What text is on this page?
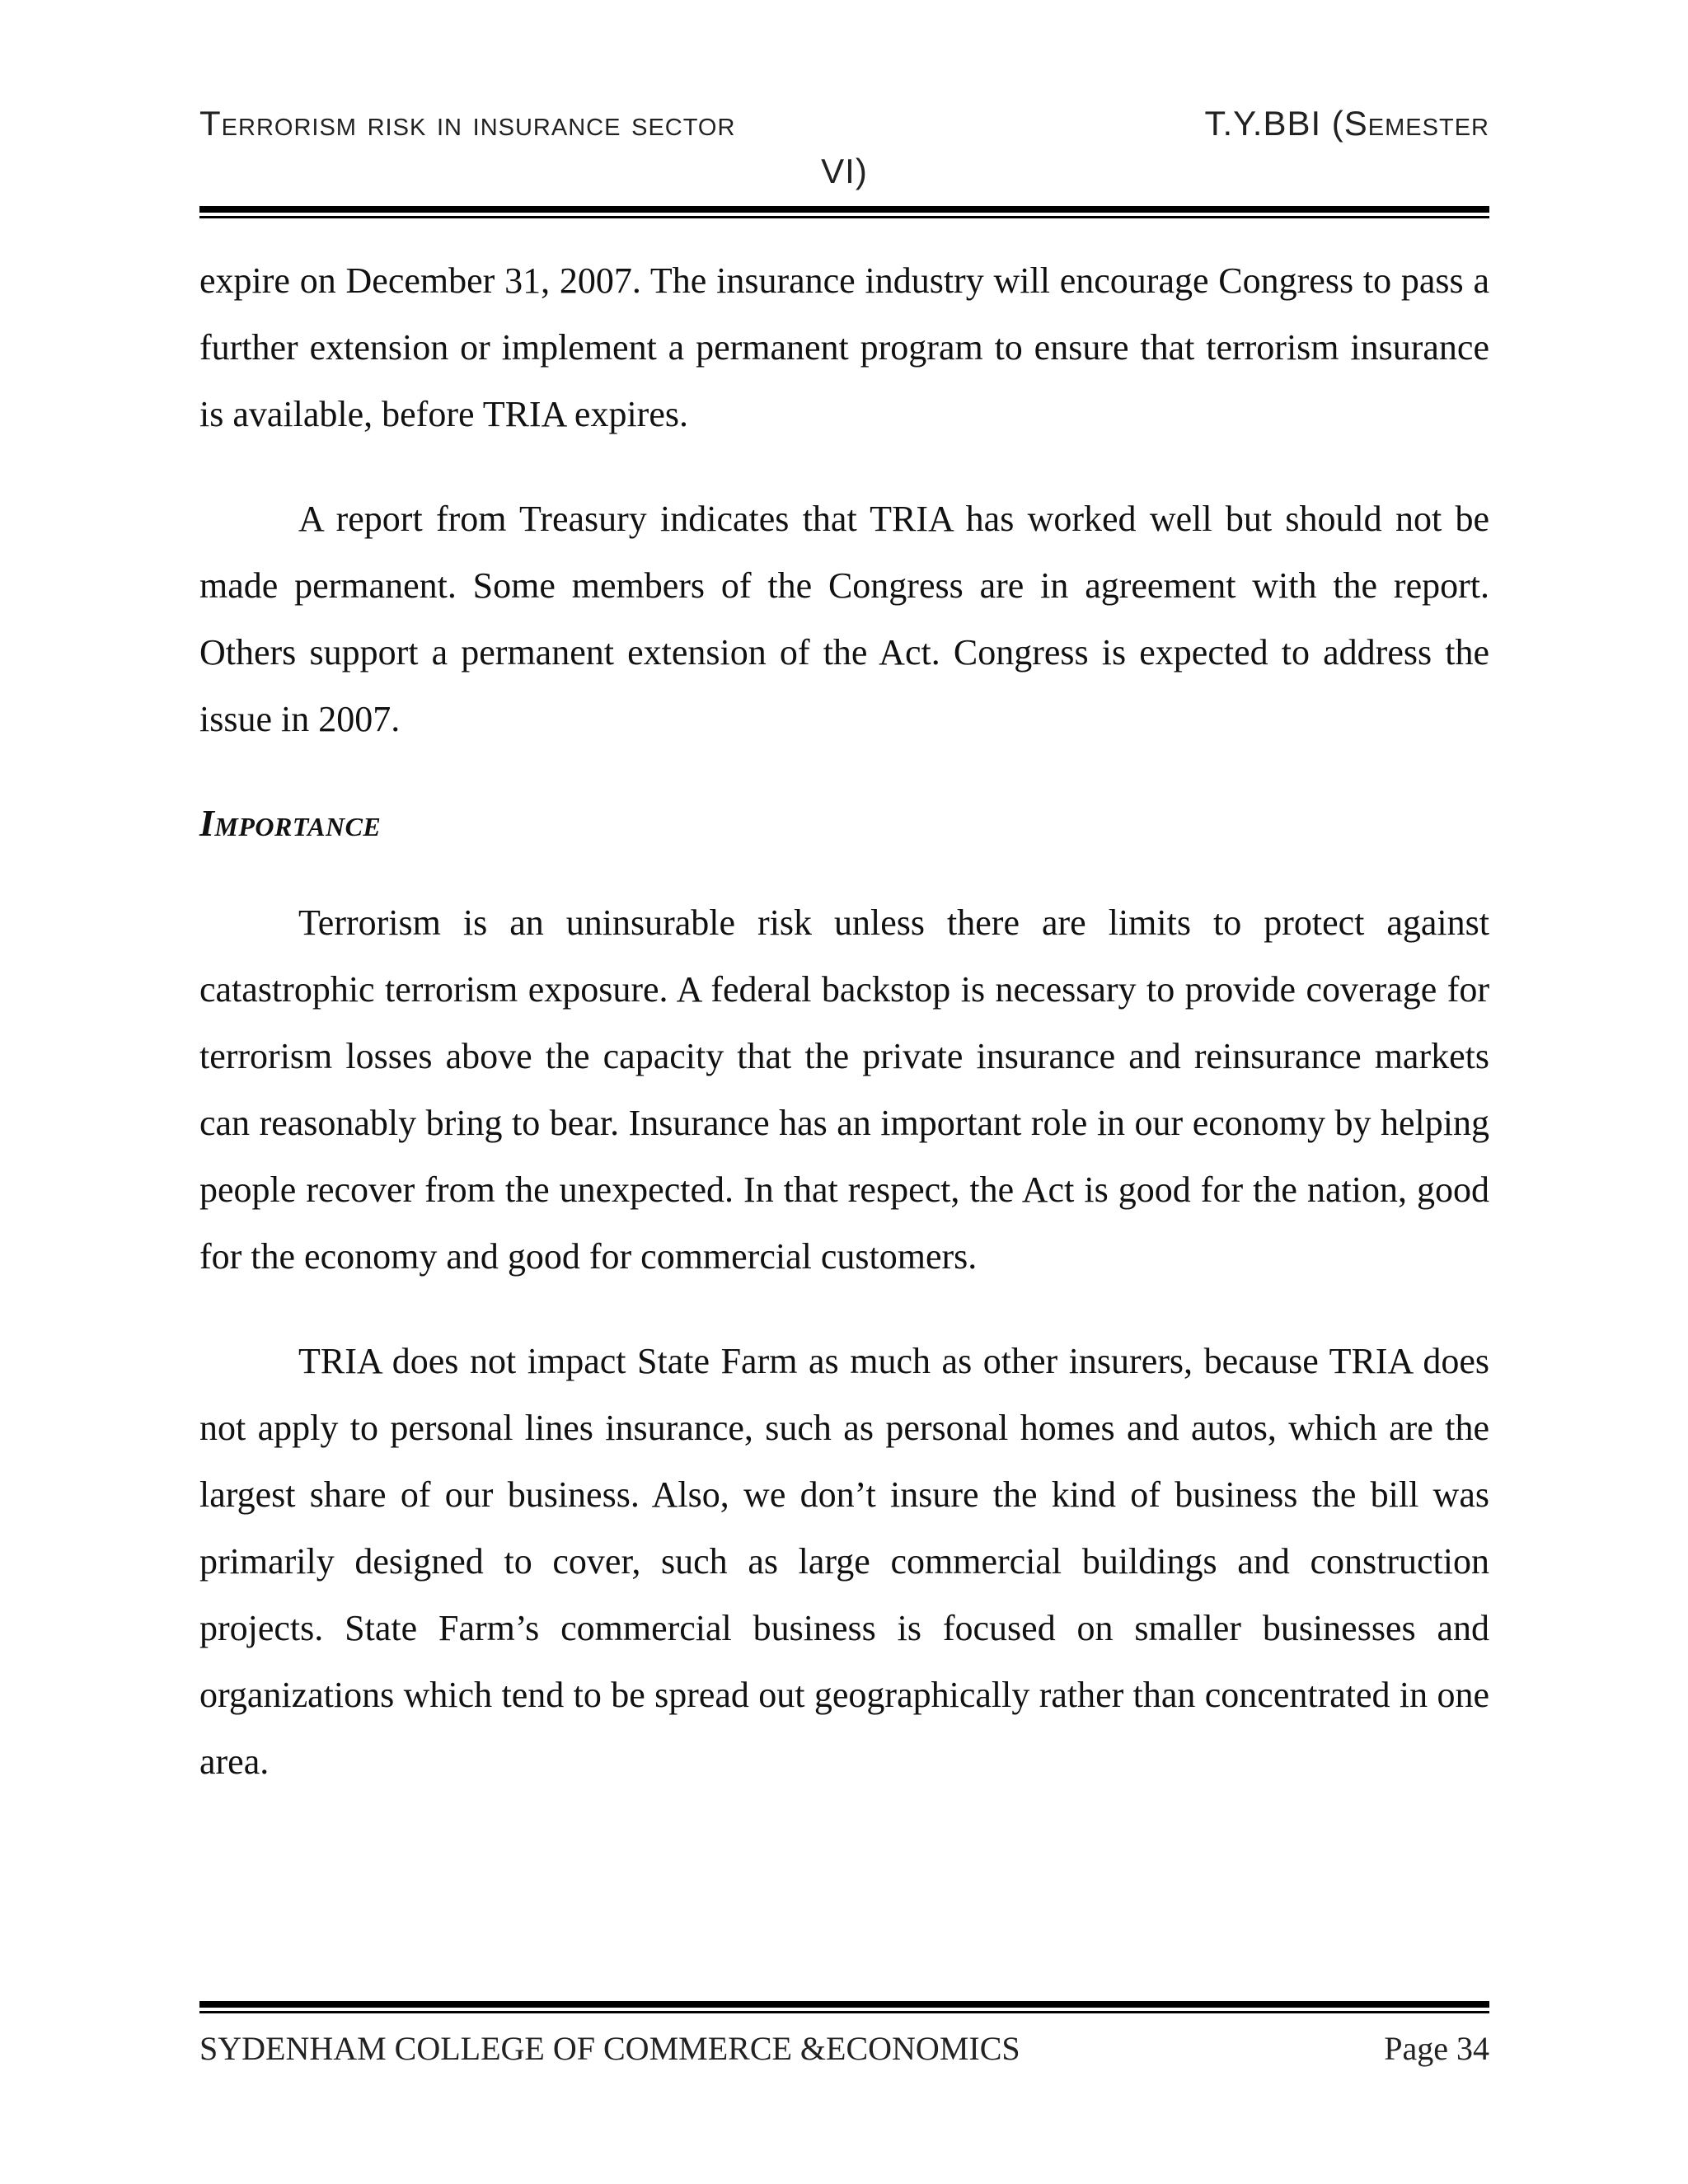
Terrorism risk in insurance sector	T.Y.BBI (Semester
VI)

expire on December 31, 2007. The insurance industry will encourage Congress to pass a further extension or implement a permanent program to ensure that terrorism insurance is available, before TRIA expires.

A report from Treasury indicates that TRIA has worked well but should not be made permanent. Some members of the Congress are in agreement with the report. Others support a permanent extension of the Act. Congress is expected to address the issue in 2007.

Importance

Terrorism is an uninsurable risk unless there are limits to protect against catastrophic terrorism exposure. A federal backstop is necessary to provide coverage for terrorism losses above the capacity that the private insurance and reinsurance markets can reasonably bring to bear. Insurance has an important role in our economy by helping people recover from the unexpected. In that respect, the Act is good for the nation, good for the economy and good for commercial customers.

TRIA does not impact State Farm as much as other insurers, because TRIA does not apply to personal lines insurance, such as personal homes and autos, which are the largest share of our business. Also, we don’t insure the kind of business the bill was primarily designed to cover, such as large commercial buildings and construction projects. State Farm’s commercial business is focused on smaller businesses and organizations which tend to be spread out geographically rather than concentrated in one area.

SYDENHAM COLLEGE OF COMMERCE &ECONOMICS	Page 34
